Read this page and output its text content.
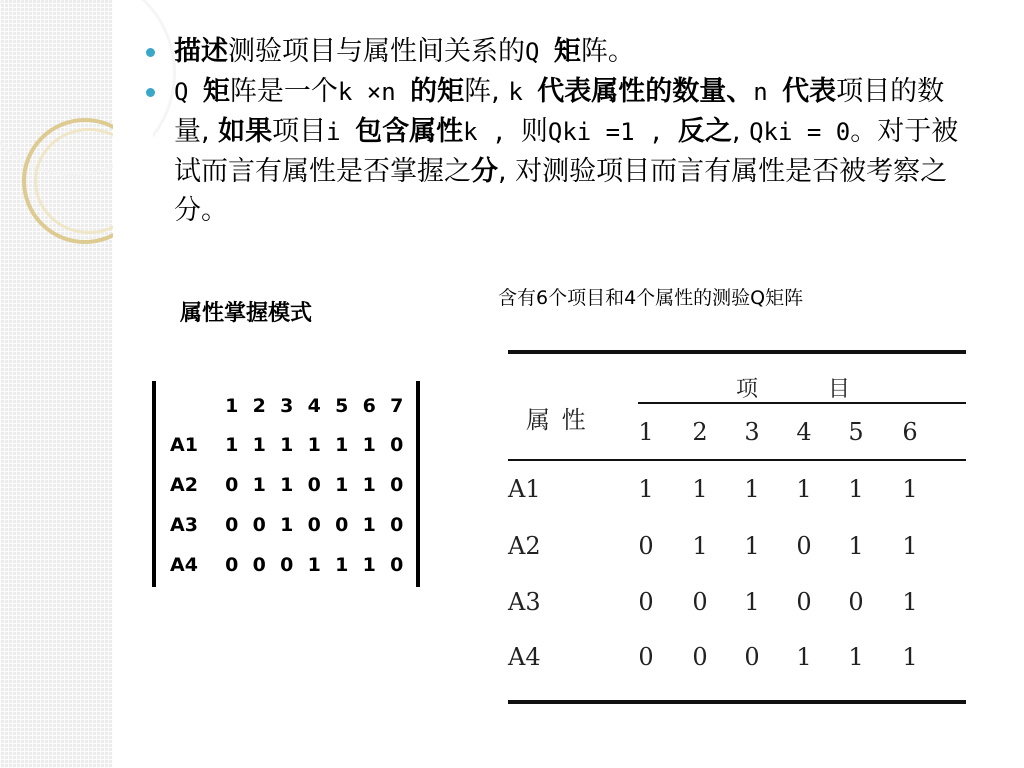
描述测验项目与属性间关系的Q 矩阵。
Q 矩阵是一个k ×n 的矩阵, k 代表属性的数量、n 代表项目的数量, 如果项目i 包含属性k , 则Qki =1 , 反之, Qki = 0。对于被试而言有属性是否掌握之分, 对测验项目而言有属性是否被考察之分。
属性掌握模式
含有6个项目和4个属性的测验Q矩阵
1 2 3 4 5 6 7
A1	1 1 1 1 1 1 0
A2	0 1 1 0 1 1 0
A3	0 0 1 0 0 1 0
A4	0 0 0 1 1 1 0
属 性
项	目
1	2	3	4	5	6
A1	1	1	1	1	1	1
A2	0	1	1	0	1	1
A3	0	0	1	0	0	1
A4	0	0	0	1	1	1
